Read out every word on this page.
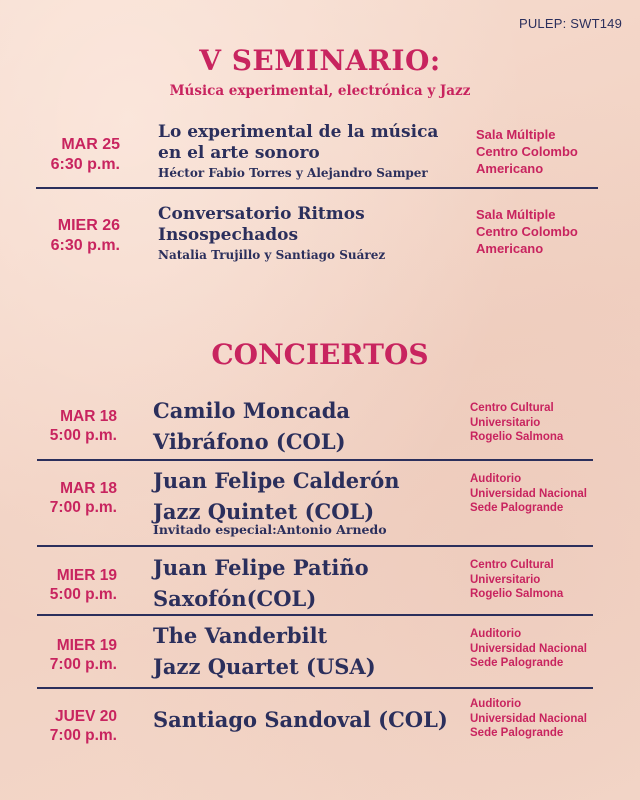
PULEP: SWT149
V SEMINARIO:
Música experimental, electrónica y Jazz
MAR 25
6:30 p.m.
Lo experimental de la música
en el arte sonoro
Héctor Fabio Torres y Alejandro Samper
Sala Múltiple
Centro Colombo
Americano
MIER 26
6:30 p.m.
Conversatorio Ritmos
Insospechados
Natalia Trujillo y Santiago Suárez
Sala Múltiple
Centro Colombo
Americano
CONCIERTOS
MAR 18
5:00 p.m.
Camilo Moncada
Vibráfono (COL)
Centro Cultural
Universitario
Rogelio Salmona
MAR 18
7:00 p.m.
Juan Felipe Calderón
Jazz Quintet (COL)
Invitado especial:Antonio Arnedo
Auditorio
Universidad Nacional
Sede Palogrande
MIER 19
5:00 p.m.
Juan Felipe Patiño
Saxofón(COL)
Centro Cultural
Universitario
Rogelio Salmona
MIER 19
7:00 p.m.
The Vanderbilt
Jazz Quartet (USA)
Auditorio
Universidad Nacional
Sede Palogrande
JUEV 20
7:00 p.m.
Santiago Sandoval (COL)
Auditorio
Universidad Nacional
Sede Palogrande
